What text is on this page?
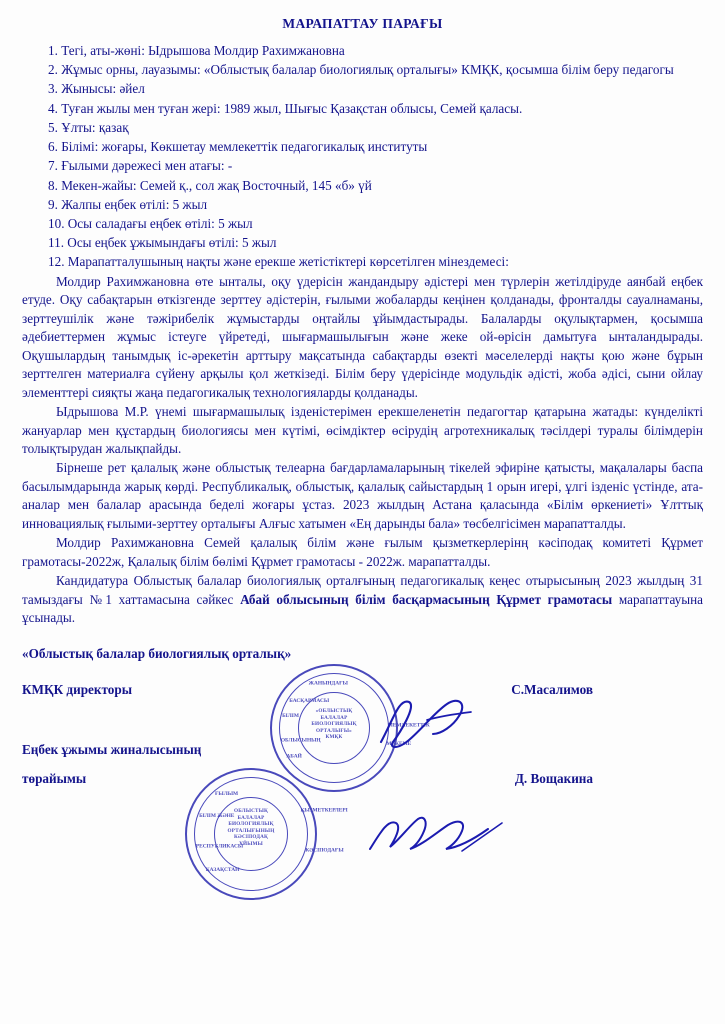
МАРАПАТТАУ ПАРАҒЫ
1. Тегі, аты-жөні: Ыдрышова Молдир Рахимжановна
2. Жұмыс орны, лауазымы: «Облыстық балалар биологиялық орталығы» КМҚК, қосымша білім беру педагогы
3. Жынысы: әйел
4. Туған жылы мен туған жері: 1989 жыл, Шығыс Қазақстан облысы, Семей қаласы.
5. Ұлты: қазақ
6. Білімі: жоғары, Көкшетау мемлекеттік педагогикалық институты
7. Ғылыми дәрежесі мен атағы: -
8. Мекен-жайы: Семей қ., сол жақ Восточный, 145 «б» үй
9. Жалпы еңбек өтілі: 5 жыл
10. Осы саладағы еңбек өтілі: 5 жыл
11. Осы еңбек ұжымындағы өтілі: 5 жыл
12. Марапатталушының нақты және ерекше жетістіктері көрсетілген мінездемесі:

Молдир Рахимжановна өте ынталы, оқу үдерісін жандандыру әдістері мен түрлерін жетілдіруде аянбай еңбек етуде. Оқу сабақтарын өткізгенде зерттеу әдістерін, ғылыми жобаларды кеңінен қолданады, фронталды сауалнаманы, зерттеушілік және тәжірибелік жұмыстарды оңтайлы ұйымдастырады. Балаларды оқулықтармен, қосымша әдебиеттермен жұмыс істеуге үйретеді, шығармашылығын және жеке ой-өрісін дамытуға ынталандырады. Оқушылардың танымдық іс-әрекетін арттыру мақсатында сабақтарды өзекті мәселелерді нақты қою және бұрын зерттелген материалға сүйену арқылы қол жеткізеді. Білім беру үдерісінде модульдік әдісті, жоба әдісі, сыни ойлау элементтері сияқты жаңа педагогикалық технологияларды қолданады.

Ыдрышова М.Р. үнемі шығармашылық ізденістерімен ерекшеленетін педагогтар қатарына жатады: күнделікті жануарлар мен құстардың биологиясы мен күтімі, өсімдіктер өсірудің агротехникалық тәсілдері туралы білімдерін толықтырудан жалықпайды.

Бірнеше рет қалалық және облыстық телеарна бағдарламаларының тікелей эфиріне қатысты, мақалалары баспа басылымдарында жарық көрді. Республикалық, облыстық, қалалық сайыстардың 1 орын игері, ұлгі ізденіс үстінде, ата-аналар мен балалар арасында беделі жоғары ұстаз. 2023 жылдың Астана қаласында «Білім өркениеті» Ұлттық инновациялық ғылыми-зерттеу орталығы Алғыс хатымен «Ең дарынды бала» төсбелгісімен марапатталды.

Молдир Рахимжановна Семей қалалық білім және ғылым қызметкерлерінң кәсіподақ комитеті Құрмет грамотасы-2022ж, Қалалық білім бөлімі Құрмет грамотасы - 2022ж. марапатталды.

Кандидатура Облыстық балалар биологиялық орталғының педагогикалық кеңес отырысының 2023 жылдың 31 тамыздағы №1 хаттамасына сәйкес Абай облысының білім басқармасының Құрмет грамотасы марапаттауына ұсынады.

«Облыстық балалар биологиялық орталық»
КМҚК директоры	С.Масалимов
Еңбек ұжымы жиналысының
төрайымы	Д. Вощакина
АБАЙ
ОБЛЫСЫНЫҢ
БІЛІМ
БАСҚАРМАСЫ
ЖАНЫНДАҒЫ
МЕМЛЕКЕТТІК
МЕКЕМЕ
«ОБЛЫСТЫҚ
БАЛАЛАР
БИОЛОГИЯЛЫҚ
ОРТАЛЫҒЫ»
КМҚК
ҚАЗАҚСТАН
РЕСПУБЛИКАСЫ
БІЛІМ ЖӘНЕ
ҒЫЛЫМ
ҚЫЗМЕТКЕРЛЕРІ
КӘСІПОДАҒЫ
ОБЛЫСТЫҚ
БАЛАЛАР
БИОЛОГИЯЛЫҚ
ОРТАЛЫҒЫНЫҢ
КӘСІПОДАҚ
ҰЙЫМЫ
